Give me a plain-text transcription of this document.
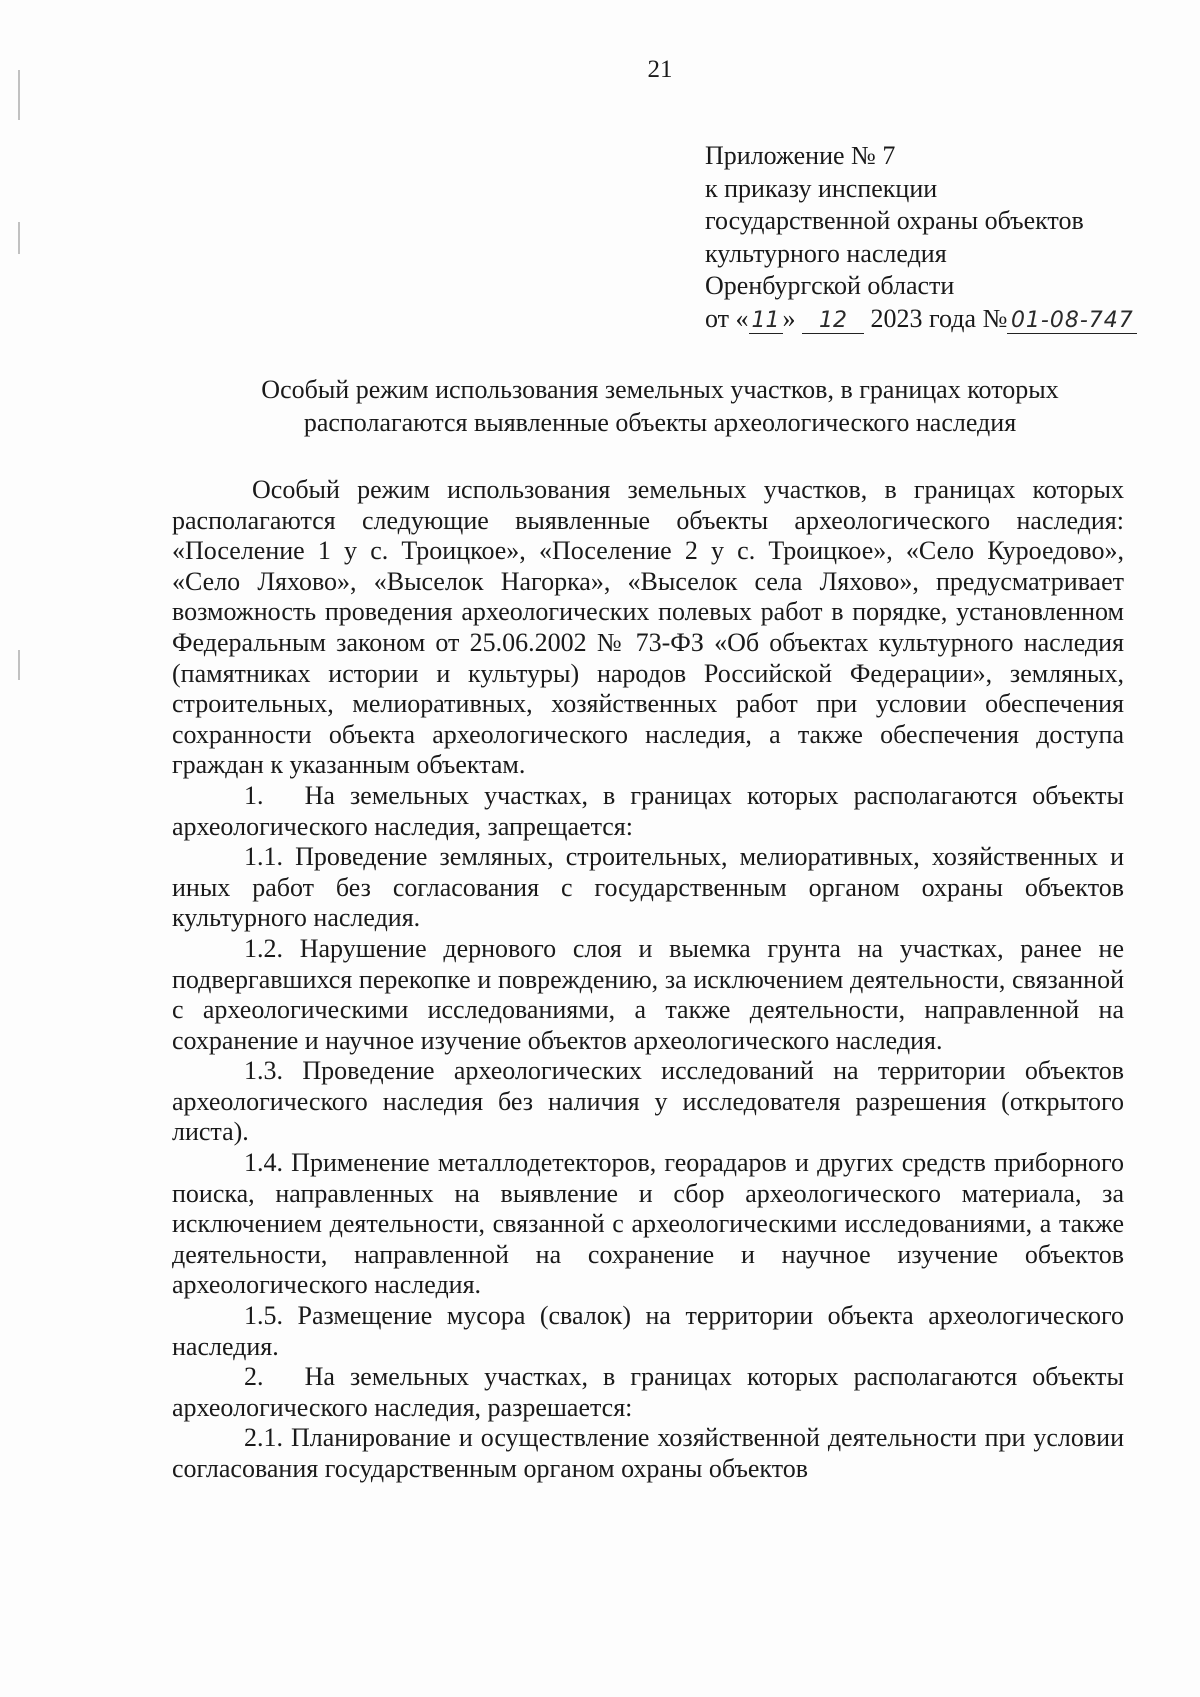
21
Приложение № 7
к приказу инспекции
государственной охраны объектов
культурного наследия
Оренбургской области
от « 11 » 12 2023 года № 01-08-747
Особый режим использования земельных участков, в границах которых
располагаются выявленные объекты археологического наследия

Особый режим использования земельных участков, в границах которых располагаются следующие выявленные объекты археологического наследия: «Поселение 1 у с. Троицкое», «Поселение 2 у с. Троицкое», «Село Куроедово», «Село Ляхово», «Выселок Нагорка», «Выселок села Ляхово», предусматривает возможность проведения археологических полевых работ в порядке, установленном Федеральным законом от 25.06.2002 № 73-ФЗ «Об объектах культурного наследия (памятниках истории и культуры) народов Российской Федерации», земляных, строительных, мелиоративных, хозяйственных работ при условии обеспечения сохранности объекта археологического наследия, а также обеспечения доступа граждан к указанным объектам.

1.  На земельных участках, в границах которых располагаются объекты археологического наследия, запрещается:

1.1. Проведение земляных, строительных, мелиоративных, хозяйственных и иных работ без согласования с государственным органом охраны объектов культурного наследия.

1.2. Нарушение дернового слоя и выемка грунта на участках, ранее не подвергавшихся перекопке и повреждению, за исключением деятельности, связанной с археологическими исследованиями, а также деятельности, направленной на сохранение и научное изучение объектов археологического наследия.

1.3. Проведение археологических исследований на территории объектов археологического наследия без наличия у исследователя разрешения (открытого листа).

1.4. Применение металлодетекторов, георадаров и других средств приборного поиска, направленных на выявление и сбор археологического материала, за исключением деятельности, связанной с археологическими исследованиями, а также деятельности, направленной на сохранение и научное изучение объектов археологического наследия.

1.5. Размещение мусора (свалок) на территории объекта археологического наследия.

2.  На земельных участках, в границах которых располагаются объекты археологического наследия, разрешается:

2.1. Планирование и осуществление хозяйственной деятельности при условии согласования государственным органом охраны объектов
